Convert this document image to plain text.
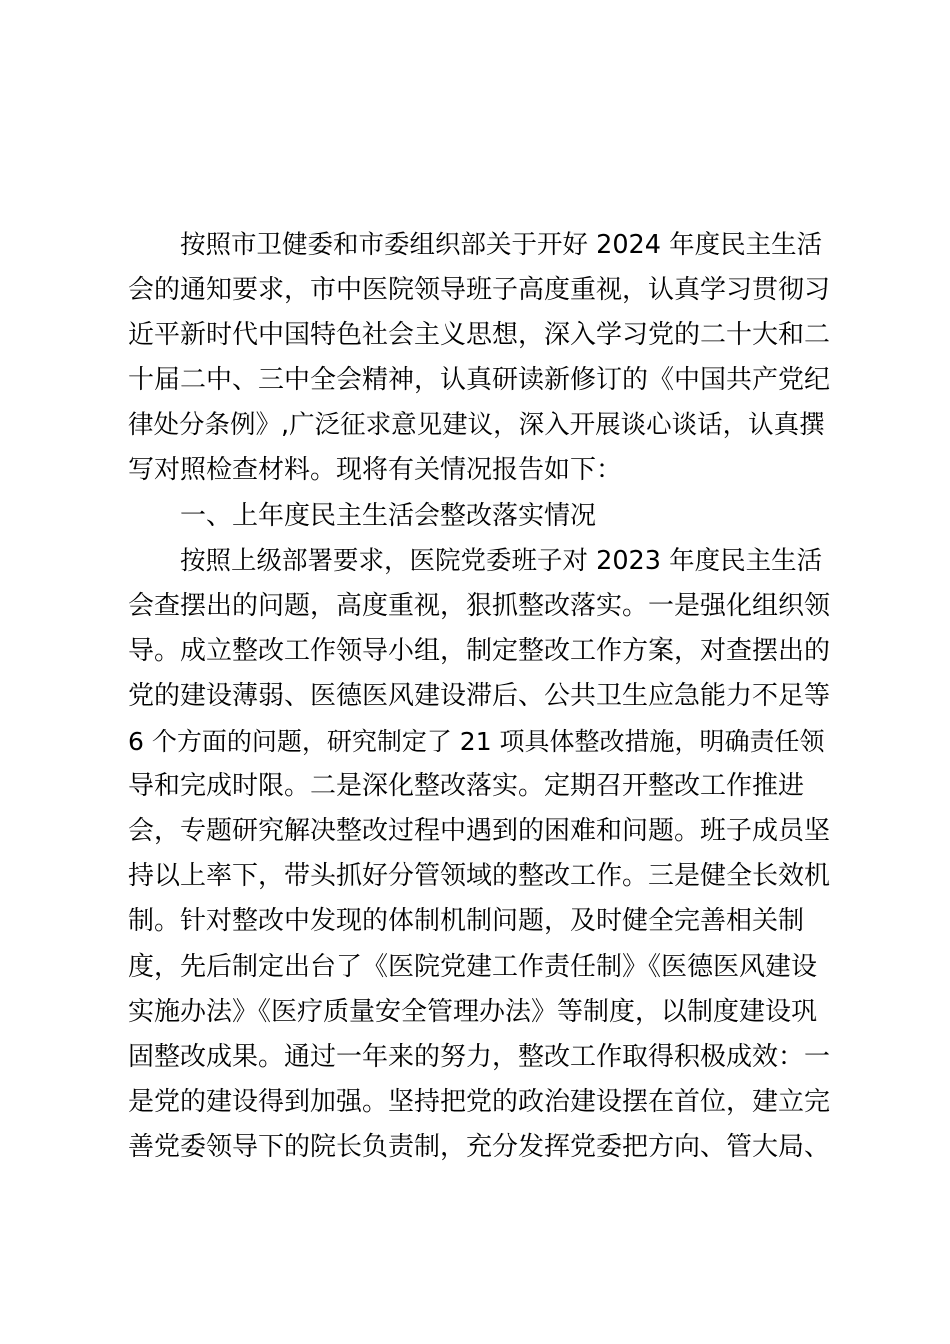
按照市卫健委和市委组织部关于开好 2024 年度民主生活
会的通知要求，市中医院领导班子高度重视，认真学习贯彻习
近平新时代中国特色社会主义思想，深入学习党的二十大和二
十届二中、三中全会精神，认真研读新修订的《中国共产党纪
律处分条例》,广泛征求意见建议，深入开展谈心谈话，认真撰
写对照检查材料。现将有关情况报告如下：
一、上年度民主生活会整改落实情况
按照上级部署要求，医院党委班子对 2023 年度民主生活
会查摆出的问题，高度重视，狠抓整改落实。一是强化组织领
导。成立整改工作领导小组，制定整改工作方案，对查摆出的
党的建设薄弱、医德医风建设滞后、公共卫生应急能力不足等
6 个方面的问题，研究制定了 21 项具体整改措施，明确责任领
导和完成时限。二是深化整改落实。定期召开整改工作推进
会，专题研究解决整改过程中遇到的困难和问题。班子成员坚
持以上率下，带头抓好分管领域的整改工作。三是健全长效机
制。针对整改中发现的体制机制问题，及时健全完善相关制
度，先后制定出台了《医院党建工作责任制》《医德医风建设
实施办法》《医疗质量安全管理办法》等制度，以制度建设巩
固整改成果。通过一年来的努力，整改工作取得积极成效：一
是党的建设得到加强。坚持把党的政治建设摆在首位，建立完
善党委领导下的院长负责制，充分发挥党委把方向、管大局、
